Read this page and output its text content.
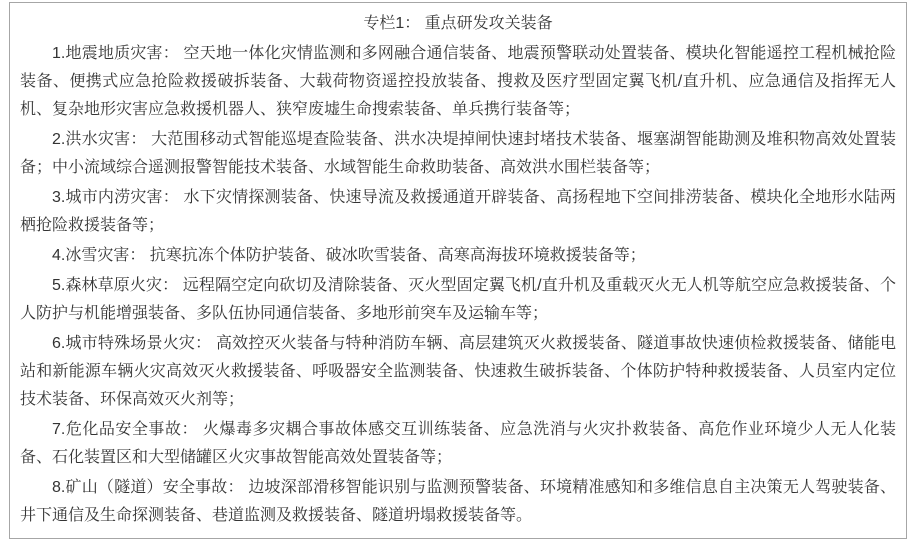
专栏1： 重点研发攻关装备

1.地震地质灾害： 空天地一体化灾情监测和多网融合通信装备、地震预警联动处置装备、模块化智能遥控工程机械抢险装备、便携式应急抢险救援破拆装备、大载荷物资遥控投放装备、搜救及医疗型固定翼飞机/直升机、应急通信及指挥无人机、复杂地形灾害应急救援机器人、狭窄废墟生命搜索装备、单兵携行装备等；

2.洪水灾害： 大范围移动式智能巡堤查险装备、洪水决堤掉闸快速封堵技术装备、堰塞湖智能勘测及堆积物高效处置装备；中小流域综合遥测报警智能技术装备、水域智能生命救助装备、高效洪水围栏装备等；

3.城市内涝灾害： 水下灾情探测装备、快速导流及救援通道开辟装备、高扬程地下空间排涝装备、模块化全地形水陆两栖抢险救援装备等；

4.冰雪灾害： 抗寒抗冻个体防护装备、破冰吹雪装备、高寒高海拔环境救援装备等；

5.森林草原火灾： 远程隔空定向砍切及清除装备、灭火型固定翼飞机/直升机及重载灭火无人机等航空应急救援装备、个人防护与机能增强装备、多队伍协同通信装备、多地形前突车及运输车等；

6.城市特殊场景火灾： 高效控灭火装备与特种消防车辆、高层建筑灭火救援装备、隧道事故快速侦检救援装备、储能电站和新能源车辆火灾高效灭火救援装备、呼吸器安全监测装备、快速救生破拆装备、个体防护特种救援装备、人员室内定位技术装备、环保高效灭火剂等；

7.危化品安全事故： 火爆毒多灾耦合事故体感交互训练装备、应急洗消与火灾扑救装备、高危作业环境少人无人化装备、石化装置区和大型储罐区火灾事故智能高效处置装备等；

8.矿山（隧道）安全事故： 边坡深部滑移智能识别与监测预警装备、环境精准感知和多维信息自主决策无人驾驶装备、井下通信及生命探测装备、巷道监测及救援装备、隧道坍塌救援装备等。
